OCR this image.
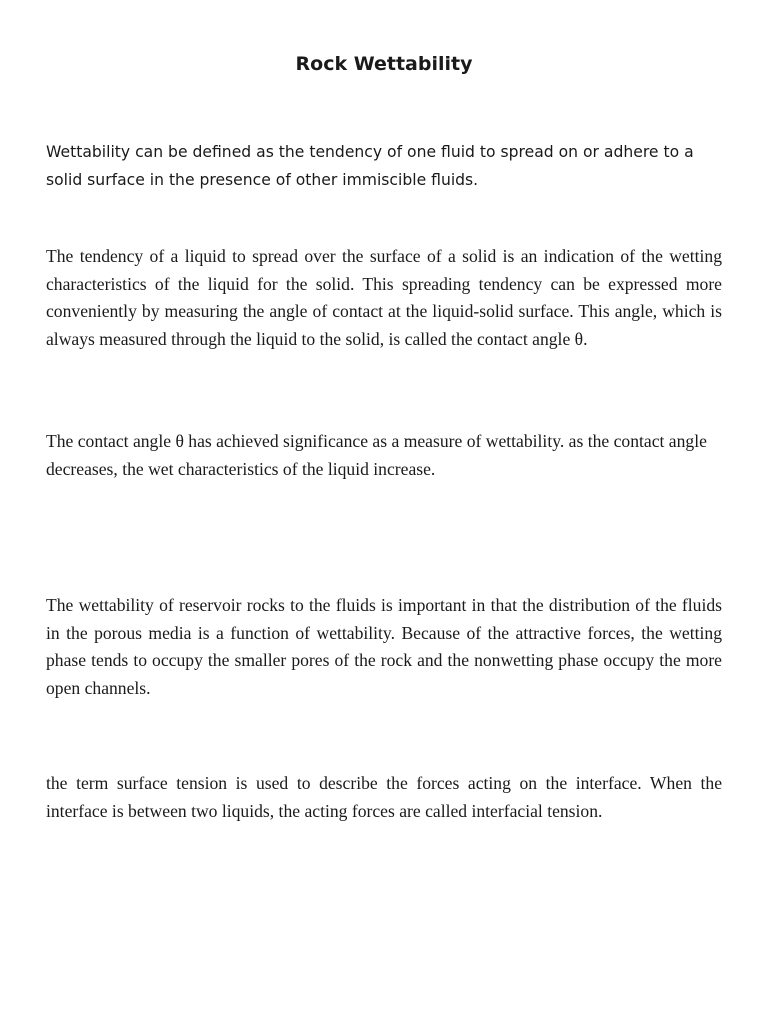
Rock Wettability

Wettability can be defined as the tendency of one fluid to spread on or adhere to a solid surface in the presence of other immiscible fluids.

The tendency of a liquid to spread over the surface of a solid is an indication of the wetting characteristics of the liquid for the solid. This spreading tendency can be expressed more conveniently by measuring the angle of contact at the liquid-solid surface. This angle, which is always measured through the liquid to the solid, is called the contact angle θ.

The contact angle θ has achieved significance as a measure of wettability. as the contact angle decreases, the wet characteristics of the liquid increase.

The wettability of reservoir rocks to the fluids is important in that the distribution of the fluids in the porous media is a function of wettability. Because of the attractive forces, the wetting phase tends to occupy the smaller pores of the rock and the nonwetting phase occupy the more open channels.

the term surface tension is used to describe the forces acting on the interface. When the interface is between two liquids, the acting forces are called interfacial tension.
